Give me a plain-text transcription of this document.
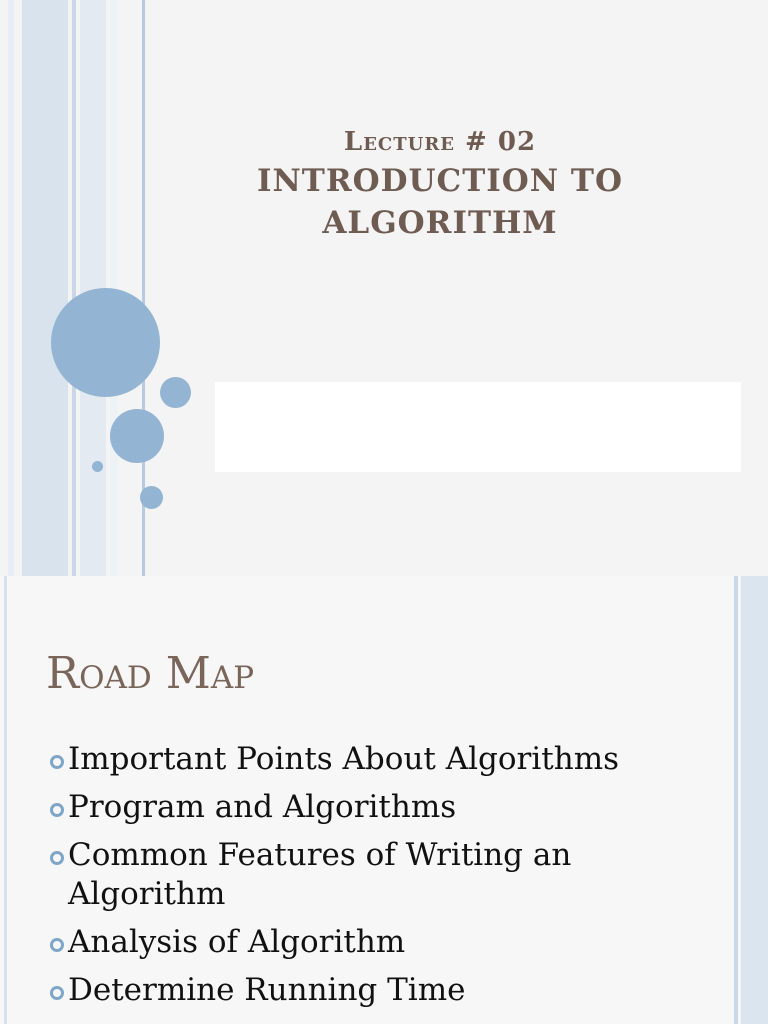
Lecture # 02
INTRODUCTION TO
ALGORITHM
Road Map
Important Points About Algorithms
Program and Algorithms
Common Features of Writing an Algorithm
Analysis of Algorithm
Determine Running Time
